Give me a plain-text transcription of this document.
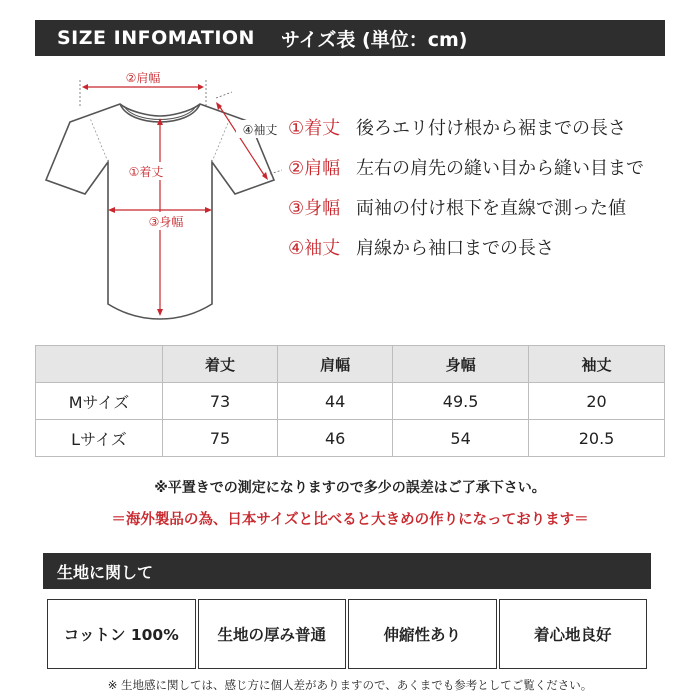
SIZE INFOMATION サイズ表 (単位：cm)
②肩幅
①着丈
③身幅
④袖丈 ①着丈 後ろエリ付け根から裾までの長さ
②肩幅 左右の肩先の縫い目から縫い目まで
③身幅 両袖の付け根下を直線で測った値
④袖丈 肩線から袖口までの長さ
	着丈	肩幅	身幅	袖丈
Mサイズ	73	44	49.5	20
Lサイズ	75	46	54	20.5
※平置きでの測定になりますので多少の誤差はご了承下さい。
＝海外製品の為、日本サイズと比べると大きめの作りになっております＝
生地に関して
コットン 100%	生地の厚み普通	伸縮性あり	着心地良好
※ 生地感に関しては、感じ方に個人差がありますので、あくまでも参考としてご覧ください。
